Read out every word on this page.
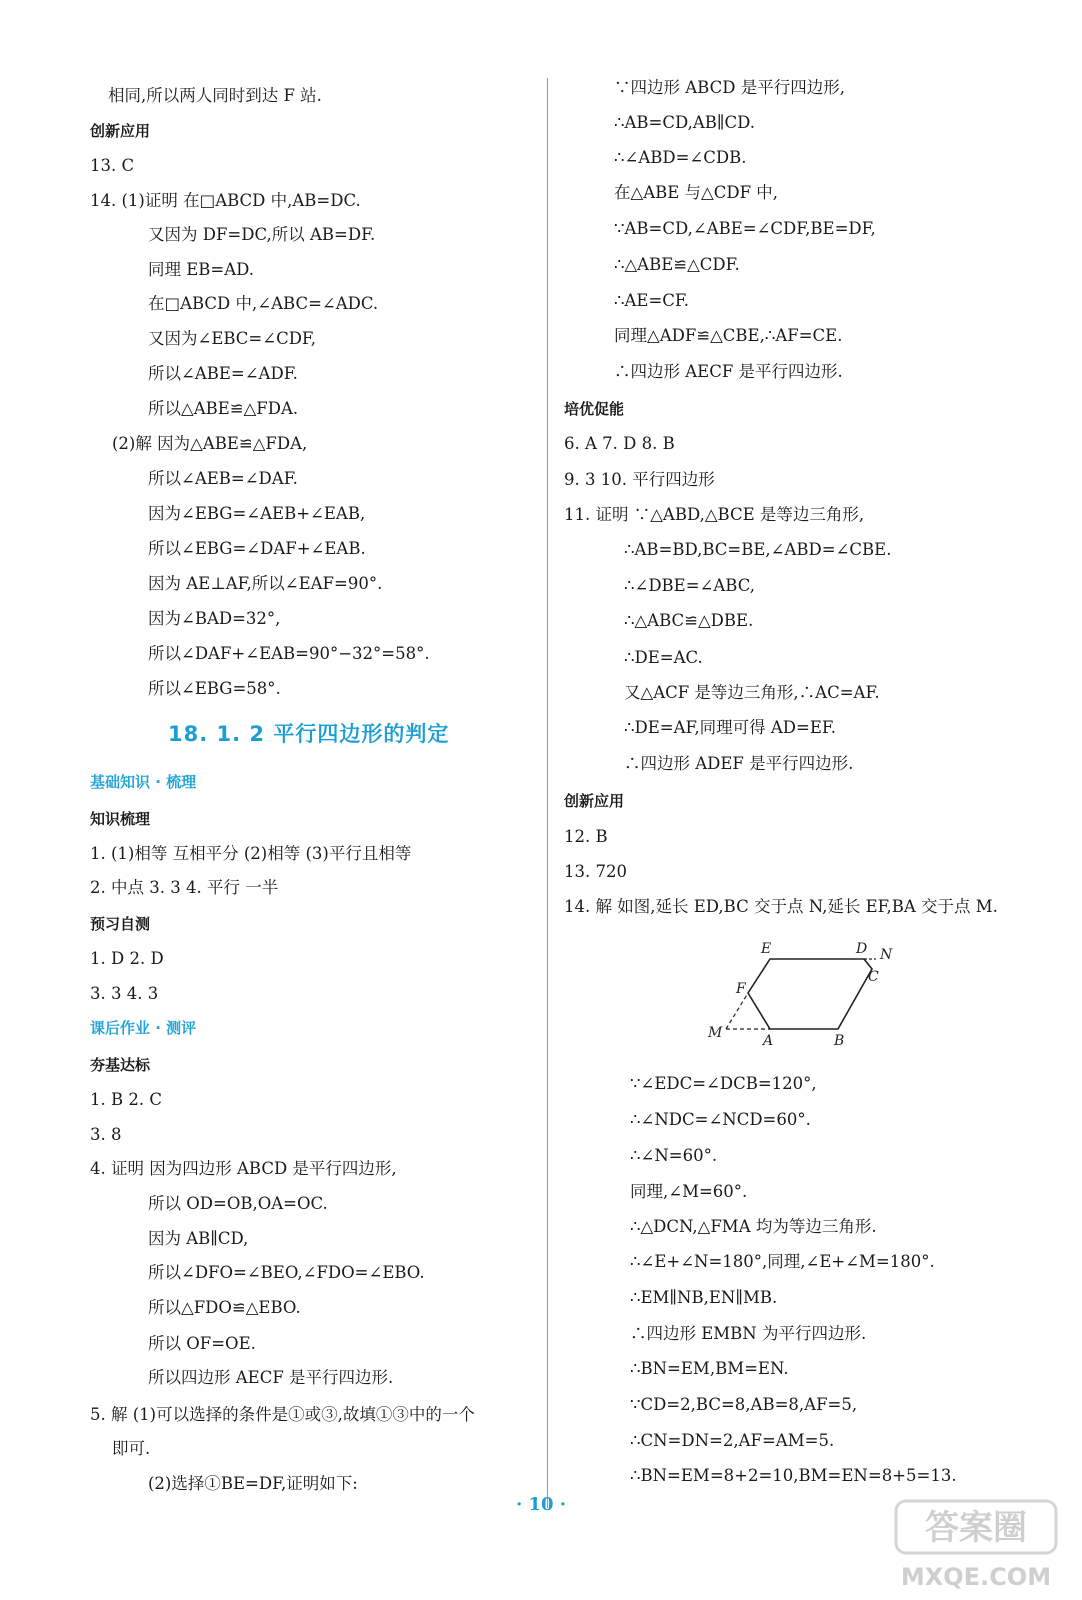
相同,所以两人同时到达 F 站.
创新应用
13. C
14. (1)证明 在□ABCD 中,AB=DC.
又因为 DF=DC,所以 AB=DF.
同理 EB=AD.
在□ABCD 中,∠ABC=∠ADC.
又因为∠EBC=∠CDF,
所以∠ABE=∠ADF.
所以△ABE≌△FDA.
(2)解 因为△ABE≌△FDA,
所以∠AEB=∠DAF.
因为∠EBG=∠AEB+∠EAB,
所以∠EBG=∠DAF+∠EAB.
因为 AE⊥AF,所以∠EAF=90°.
因为∠BAD=32°,
所以∠DAF+∠EAB=90°−32°=58°.
所以∠EBG=58°.
基础知识 · 梳理
知识梳理
1. (1)相等 互相平分 (2)相等 (3)平行且相等
2. 中点 3. 3 4. 平行 一半
预习自测
1. D 2. D
3. 3 4. 3
课后作业 · 测评
夯基达标
1. B 2. C
3. 8
4. 证明 因为四边形 ABCD 是平行四边形,
所以 OD=OB,OA=OC.
因为 AB∥CD,
所以∠DFO=∠BEO,∠FDO=∠EBO.
所以△FDO≌△EBO.
所以 OF=OE.
所以四边形 AECF 是平行四边形.
5. 解 (1)可以选择的条件是①或③,故填①③中的一个
即可.
(2)选择①BE=DF,证明如下:
∵四边形 ABCD 是平行四边形,
∴AB=CD,AB∥CD.
∴∠ABD=∠CDB.
在△ABE 与△CDF 中,
∵AB=CD,∠ABE=∠CDF,BE=DF,
∴△ABE≌△CDF.
∴AE=CF.
同理△ADF≌△CBE,∴AF=CE.
∴四边形 AECF 是平行四边形.
培优促能
6. A 7. D 8. B
9. 3 10. 平行四边形
11. 证明 ∵△ABD,△BCE 是等边三角形,
∴AB=BD,BC=BE,∠ABD=∠CBE.
∴∠DBE=∠ABC,
∴△ABC≌△DBE.
∴DE=AC.
又△ACF 是等边三角形,∴AC=AF.
∴DE=AF,同理可得 AD=EF.
∴四边形 ADEF 是平行四边形.
创新应用
12. B
13. 720
14. 解 如图,延长 ED,BC 交于点 N,延长 EF,BA 交于点 M.
∵∠EDC=∠DCB=120°,
∴∠NDC=∠NCD=60°.
∴∠N=60°.
同理,∠M=60°.
∴△DCN,△FMA 均为等边三角形.
∴∠E+∠N=180°,同理,∠E+∠M=180°.
∴EM∥NB,EN∥MB.
∴四边形 EMBN 为平行四边形.
∴BN=EM,BM=EN.
∵CD=2,BC=8,AB=8,AF=5,
∴CN=DN=2,AF=AM=5.
∴BN=EM=8+2=10,BM=EN=8+5=13.
18. 1. 2 平行四边形的判定
E	D N
C
F
M	A	B
· 10 ·
答案圈
MXQE.COM
